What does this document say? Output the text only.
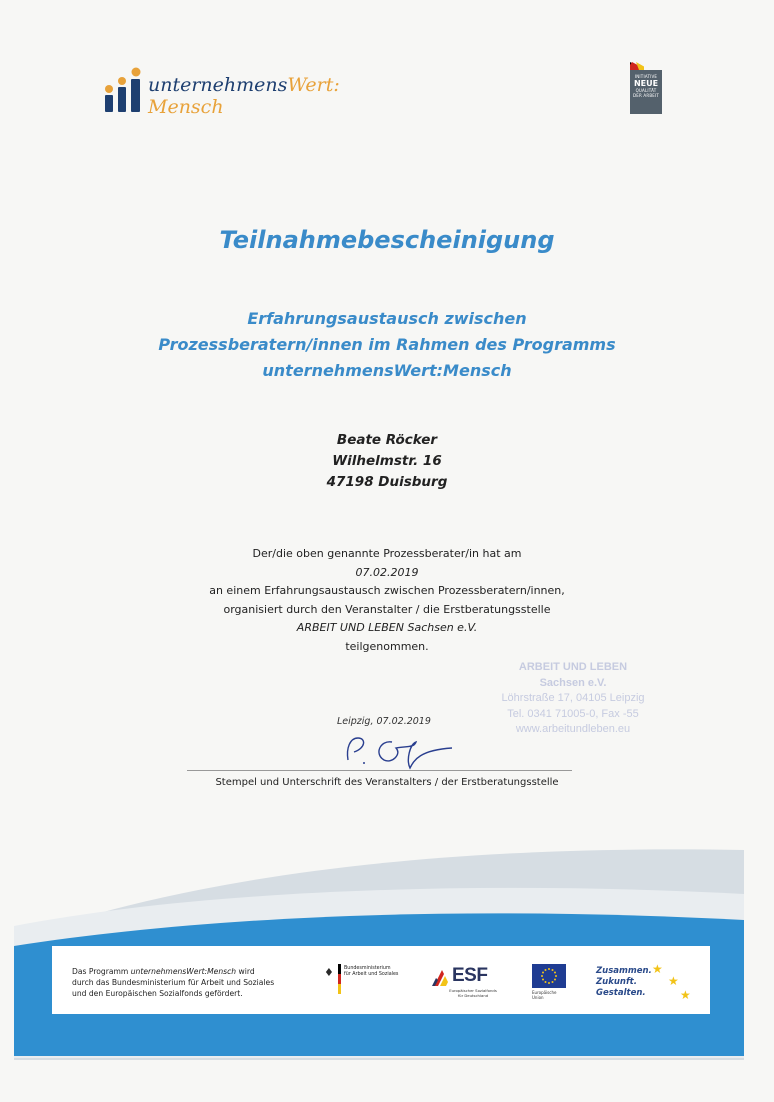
unternehmensWert:
Mensch
INITIATIVE
NEUE
QUALITÄT
DER ARBEIT
Teilnahmebescheinigung
Erfahrungsaustausch zwischen
Prozessberatern/innen im Rahmen des Programms
unternehmensWert:Mensch
Beate Röcker
Wilhelmstr. 16
47198 Duisburg
Der/die oben genannte Prozessberater/in hat am
07.02.2019
an einem Erfahrungsaustausch zwischen Prozessberatern/innen,
organisiert durch den Veranstalter / die Erstberatungsstelle
ARBEIT UND LEBEN Sachsen e.V.
teilgenommen.
ARBEIT UND LEBEN
Sachsen e.V.
Löhrstraße 17, 04105 Leipzig
Tel. 0341 71005-0, Fax -55
www.arbeitundleben.eu
Leipzig, 07.02.2019
Stempel und Unterschrift des Veranstalters / der Erstberatungsstelle
Das Programm unternehmensWert:Mensch wird
durch das Bundesministerium für Arbeit und Soziales
und den Europäischen Sozialfonds gefördert.
♦ Bundesministerium
für Arbeit und Soziales	ESF
Europäischer Sozialfonds
für Deutschland
Europäische
Union
Zusammen.
Zukunft.
Gestalten.
★
★
★
